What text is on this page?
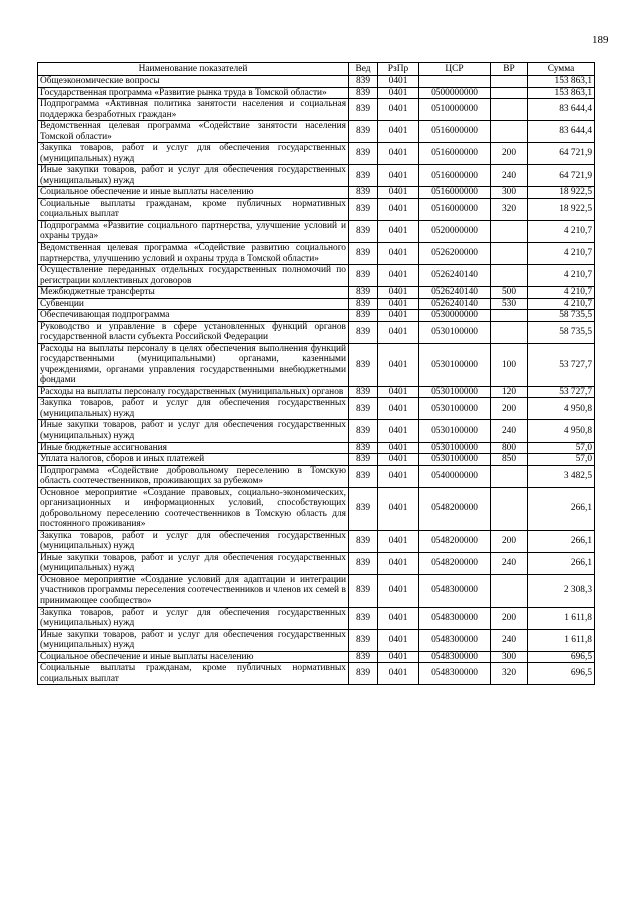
189
Наименование показателей	Вед	РзПр	ЦСР	ВР	Сумма
Общеэкономические вопросы	839	0401			153 863,1
Государственная программа «Развитие рынка труда в Томской области»	839	0401	0500000000		153 863,1
Подпрограмма «Активная политика занятости населения и социальная поддержка безработных граждан»	839	0401	0510000000		83 644,4
Ведомственная целевая программа «Содействие занятости населения Томской области»	839	0401	0516000000		83 644,4
Закупка товаров, работ и услуг для обеспечения государственных (муниципальных) нужд	839	0401	0516000000	200	64 721,9
Иные закупки товаров, работ и услуг для обеспечения государственных (муниципальных) нужд	839	0401	0516000000	240	64 721,9
Социальное обеспечение и иные выплаты населению	839	0401	0516000000	300	18 922,5
Социальные выплаты гражданам, кроме публичных нормативных социальных выплат	839	0401	0516000000	320	18 922,5
Подпрограмма «Развитие социального партнерства, улучшение условий и охраны труда»	839	0401	0520000000		4 210,7
Ведомственная целевая программа «Содействие развитию социального партнерства, улучшению условий и охраны труда в Томской области»	839	0401	0526200000		4 210,7
Осуществление переданных отдельных государственных полномочий по регистрации коллективных договоров	839	0401	0526240140		4 210,7
Межбюджетные трансферты	839	0401	0526240140	500	4 210,7
Субвенции	839	0401	0526240140	530	4 210,7
Обеспечивающая подпрограмма	839	0401	0530000000		58 735,5
Руководство и управление в сфере установленных функций органов государственной власти субъекта Российской Федерации	839	0401	0530100000		58 735,5
Расходы на выплаты персоналу в целях обеспечения выполнения функций государственными (муниципальными) органами, казенными учреждениями, органами управления государственными внебюджетными фондами	839	0401	0530100000	100	53 727,7
Расходы на выплаты персоналу государственных (муниципальных) органов	839	0401	0530100000	120	53 727,7
Закупка товаров, работ и услуг для обеспечения государственных (муниципальных) нужд	839	0401	0530100000	200	4 950,8
Иные закупки товаров, работ и услуг для обеспечения государственных (муниципальных) нужд	839	0401	0530100000	240	4 950,8
Иные бюджетные ассигнования	839	0401	0530100000	800	57,0
Уплата налогов, сборов и иных платежей	839	0401	0530100000	850	57,0
Подпрограмма «Содействие добровольному переселению в Томскую область соотечественников, проживающих за рубежом»	839	0401	0540000000		3 482,5
Основное мероприятие «Создание правовых, социально-экономических, организационных и информационных условий, способствующих добровольному переселению соотечественников в Томскую область для постоянного проживания»	839	0401	0548200000		266,1
Закупка товаров, работ и услуг для обеспечения государственных (муниципальных) нужд	839	0401	0548200000	200	266,1
Иные закупки товаров, работ и услуг для обеспечения государственных (муниципальных) нужд	839	0401	0548200000	240	266,1
Основное мероприятие «Создание условий для адаптации и интеграции участников программы переселения соотечественников и членов их семей в принимающее сообщество»	839	0401	0548300000		2 308,3
Закупка товаров, работ и услуг для обеспечения государственных (муниципальных) нужд	839	0401	0548300000	200	1 611,8
Иные закупки товаров, работ и услуг для обеспечения государственных (муниципальных) нужд	839	0401	0548300000	240	1 611,8
Социальное обеспечение и иные выплаты населению	839	0401	0548300000	300	696,5
Социальные выплаты гражданам, кроме публичных нормативных социальных выплат	839	0401	0548300000	320	696,5
